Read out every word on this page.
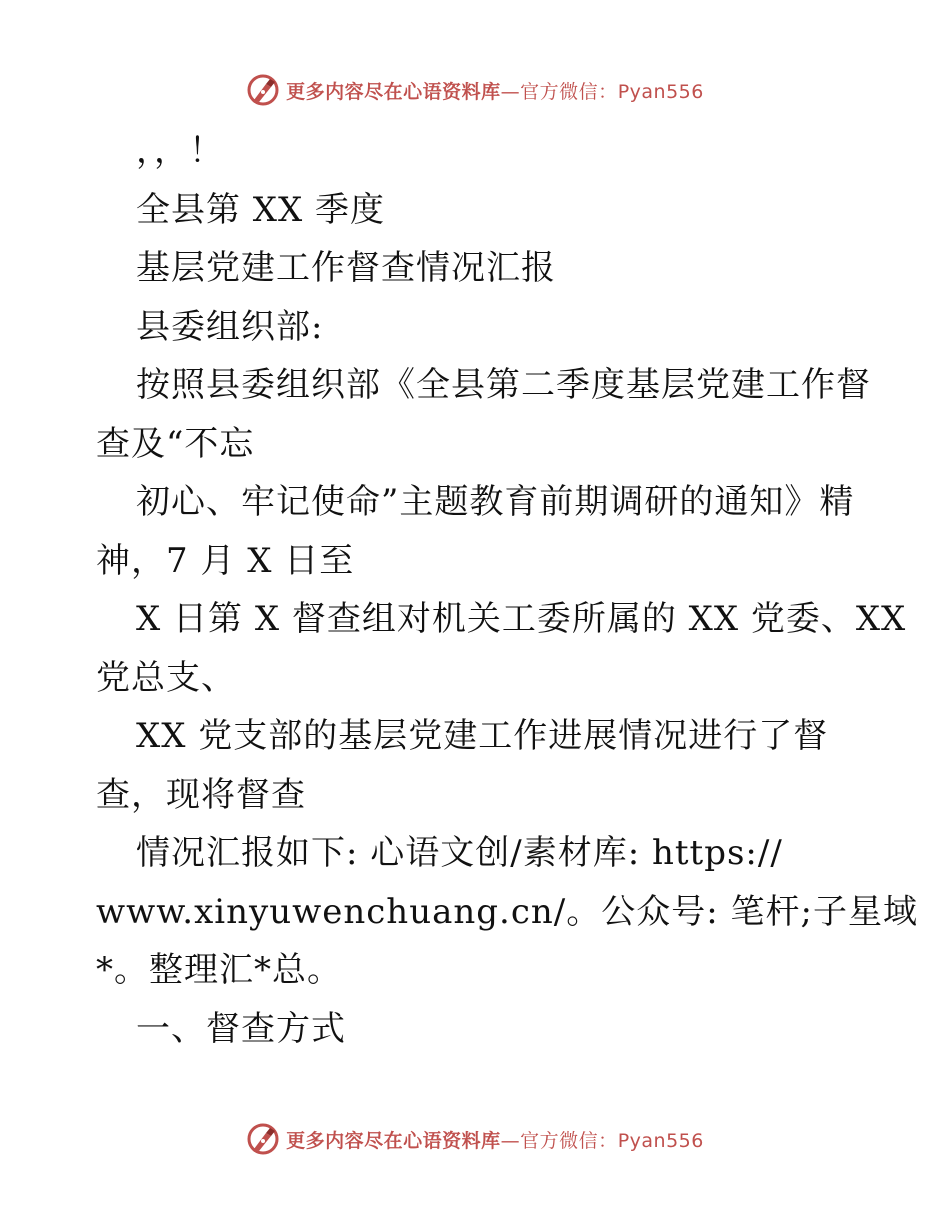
更多内容尽在心语资料库—官方微信：Pyan556
，，！
全县第 XX 季度
基层党建工作督查情况汇报
县委组织部:
按照县委组织部《全县第二季度基层党建工作督
查及“不忘
初心、牢记使命”主题教育前期调研的通知》精
神，7 月 X 日至
X 日第 X 督查组对机关工委所属的 XX 党委、XX
党总支、
XX 党支部的基层党建工作进展情况进行了督
查，现将督查
情况汇报如下: 心语文创/素材库: https://
www.xinyuwenchuang.cn/。公众号: 笔杆;子星域
*。整理汇*总。
一、督查方式
更多内容尽在心语资料库—官方微信：Pyan556
